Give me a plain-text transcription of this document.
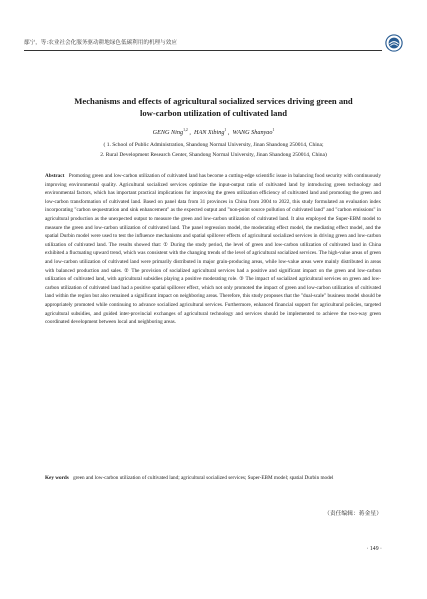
鄢宁，等:农业社会化服务驱动耕地绿色低碳利用的机理与效应
Mechanisms and effects of agricultural socialized services driving green and
low-carbon utilization of cultivated land
GENG Ning$^{1,2}$ ,  HAN Xibing$^1$ ,  WANG Shanyao$^1$
( 1. School of Public Administration, Shandong Normal University, Jinan Shandong 250014, China;
2. Rural Development Research Center, Shandong Normal University, Jinan Shandong 250014, China)
Abstract Promoting green and low-carbon utilization of cultivated land has become a cutting-edge scientific issue in balancing food security with continuously improving environmental quality. Agricultural socialized services optimize the input-output ratio of cultivated land by introducing green technology and environmental factors, which has important practical implications for improving the green utilization efficiency of cultivated land and promoting the green and low-carbon transformation of cultivated land. Based on panel data from 31 provinces in China from 2004 to 2022, this study formulated an evaluation index incorporating "carbon sequestration and sink enhancement" as the expected output and "non-point source pollution of cultivated land" and "carbon emissions" in agricultural production as the unexpected output to measure the green and low-carbon utilization of cultivated land. It also employed the Super-EBM model to measure the green and low-carbon utilization of cultivated land. The panel regression model, the moderating effect model, the mediating effect model, and the spatial Durbin model were used to test the influence mechanisms and spatial spillover effects of agricultural socialized services in driving green and low-carbon utilization of cultivated land. The results showed that: ① During the study period, the level of green and low-carbon utilization of cultivated land in China exhibited a fluctuating upward trend, which was consistent with the changing trends of the level of agricultural socialized services. The high-value areas of green and low-carbon utilization of cultivated land were primarily distributed in major grain-producing areas, while low-value areas were mainly distributed in areas with balanced production and sales. ② The provision of socialized agricultural services had a positive and significant impact on the green and low-carbon utilization of cultivated land, with agricultural subsidies playing a positive moderating role. ③ The impact of socialized agricultural services on green and low-carbon utilization of cultivated land had a positive spatial spillover effect, which not only promoted the impact of green and low-carbon utilization of cultivated land within the region but also remained a significant impact on neighboring areas. Therefore, this study proposes that the "dual-scale" business model should be appropriately promoted while continuing to advance socialized agricultural services. Furthermore, enhanced financial support for agricultural policies, targeted agricultural subsidies, and guided inter-provincial exchanges of agricultural technology and services should be implemented to achieve the two-way green coordinated development between local and neighboring areas.
Key words green and low-carbon utilization of cultivated land; agricultural socialized services; Super-EBM model; spatial Durbin model
（责任编辑：蒋金星）
· 149 ·
